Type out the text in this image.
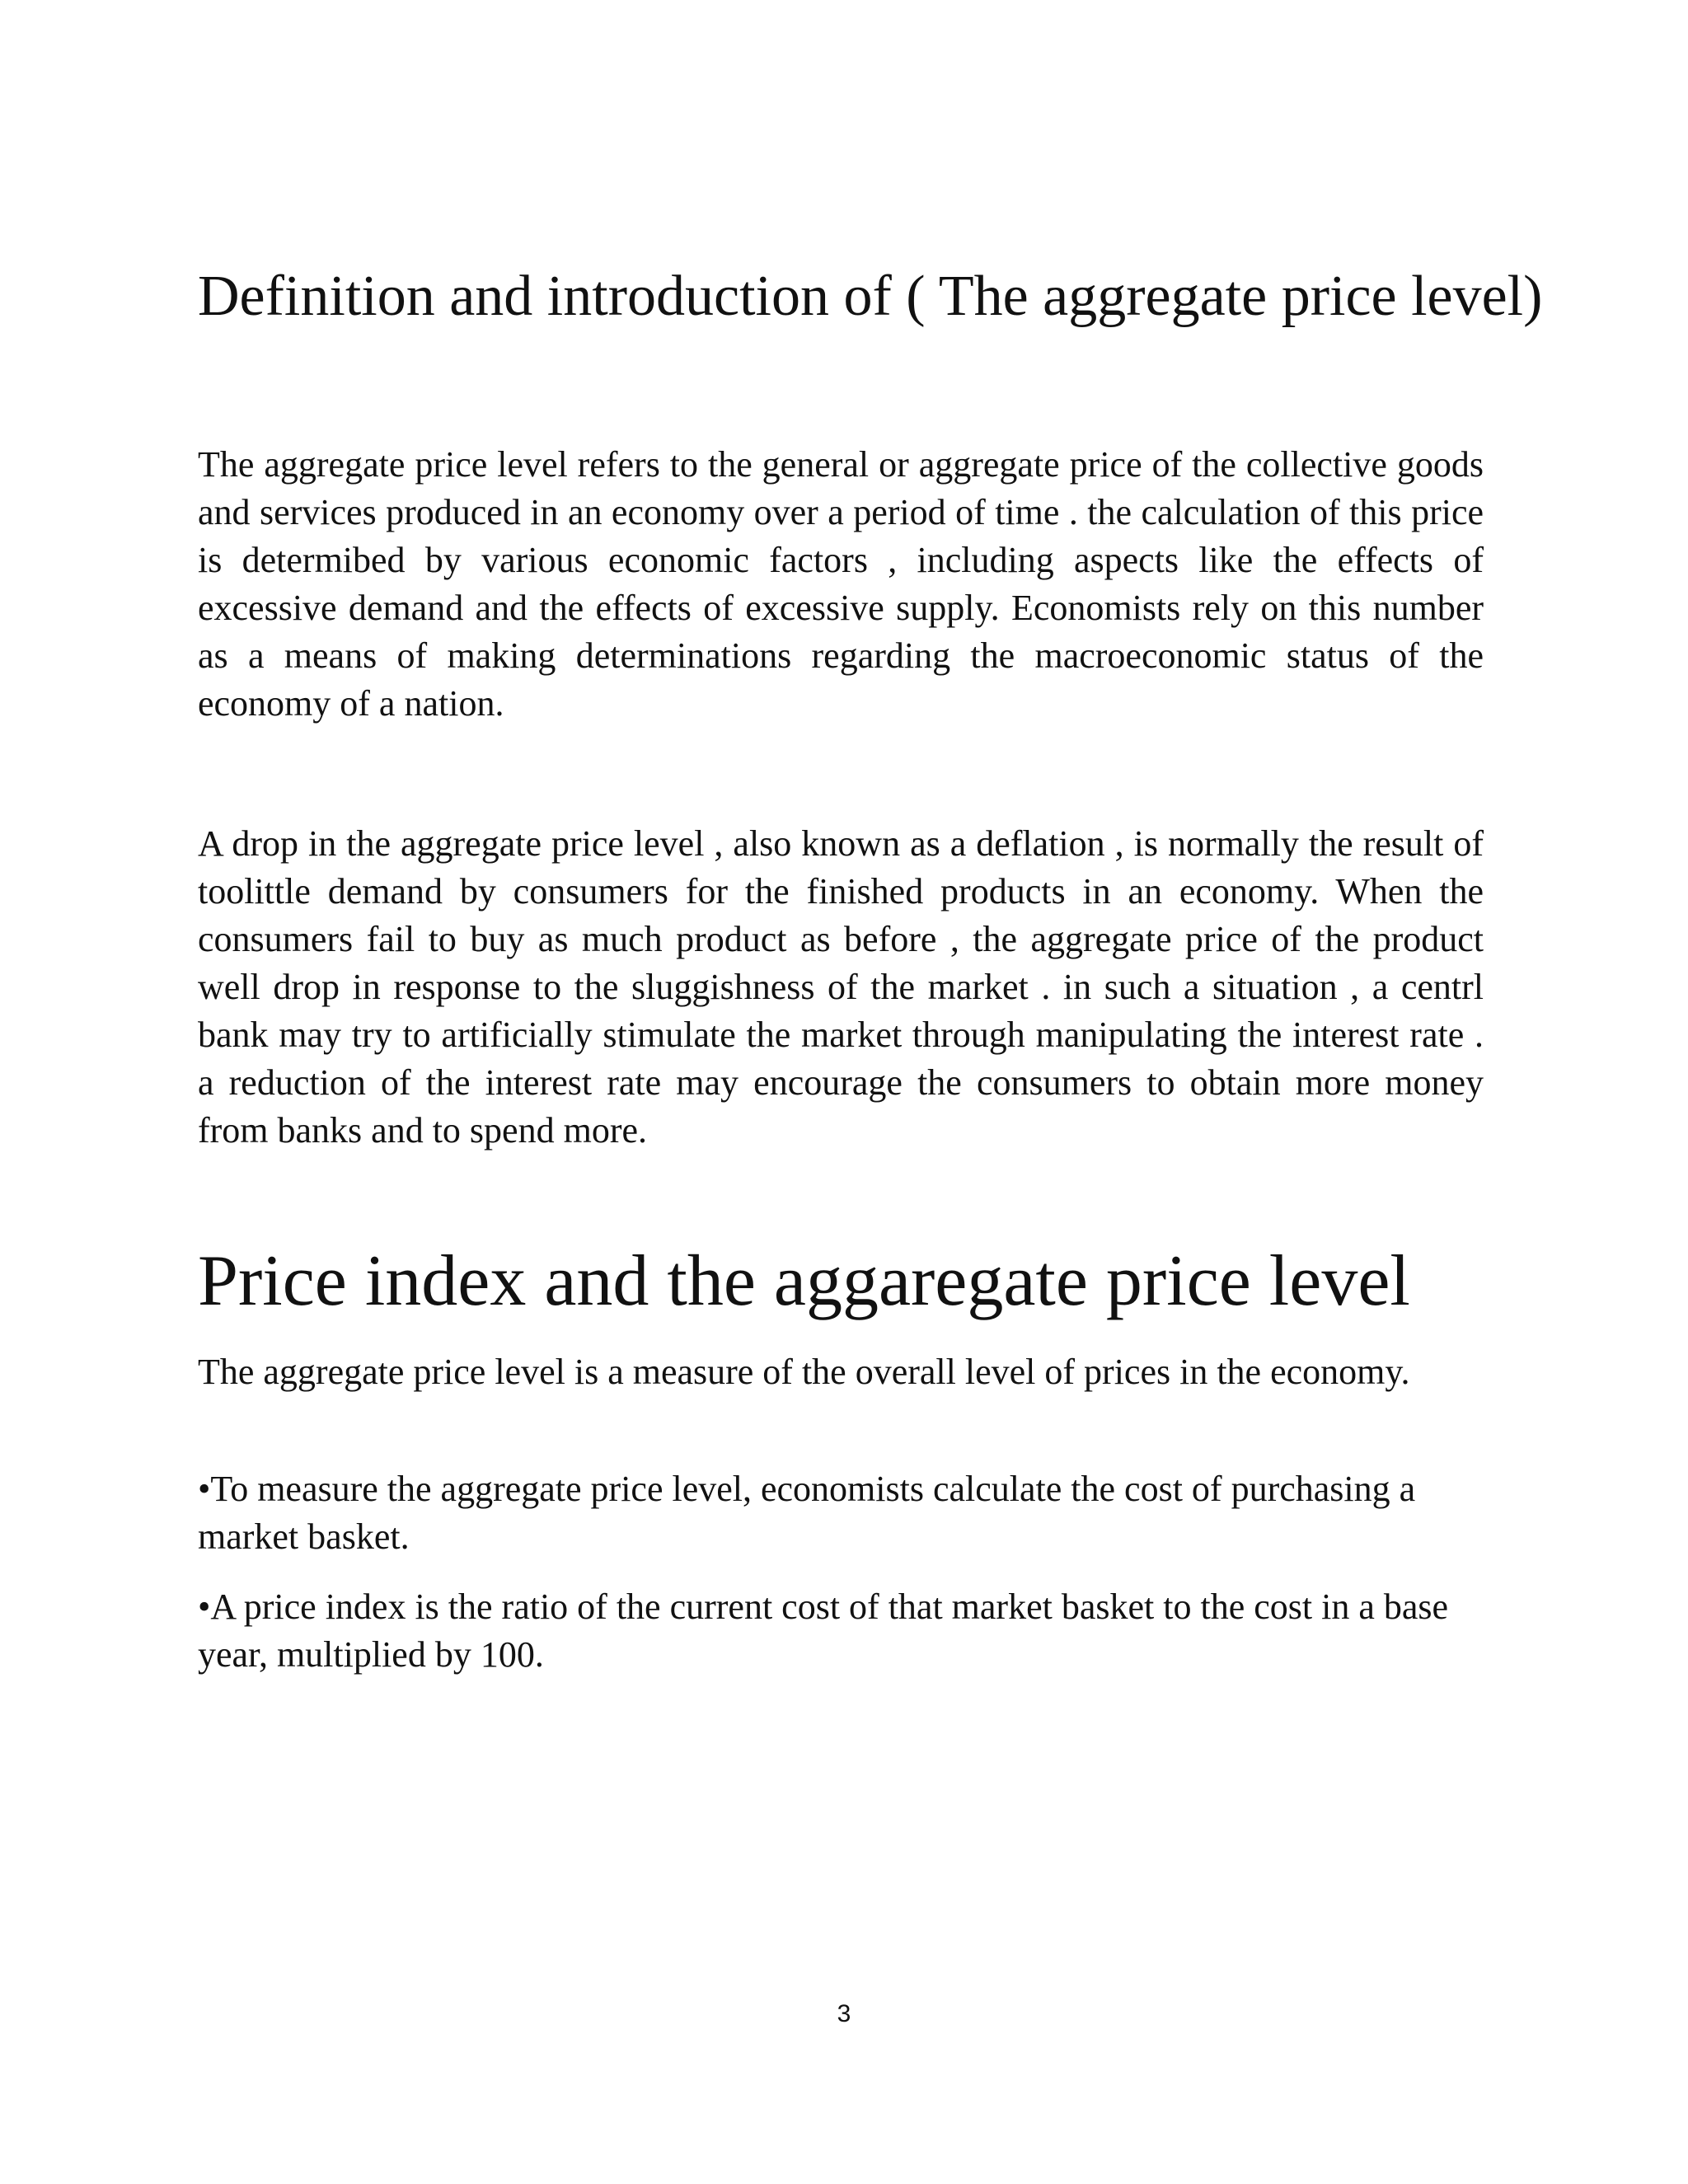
Definition and introduction of ( The aggregate price level)

The aggregate price level refers to the general or aggregate price of the collective goods and services produced in an economy over a period of time . the calculation of this price is determibed by various economic factors , including aspects like the effects of excessive demand and the effects of excessive supply. Economists rely on this number as a means of making determinations regarding the macroeconomic status of the economy of a nation.

A drop in the aggregate price level , also known as a deflation , is normally the result of toolittle demand by consumers for the finished products in an economy. When the consumers fail to buy as much product as before , the aggregate price of the product well drop in response to the sluggishness of the market . in such a situation , a centrl bank may try to artificially stimulate the market through manipulating the interest rate . a reduction of the interest rate may encourage the consumers to obtain more money from banks and to spend more.

Price index and the aggaregate price level

The aggregate price level is a measure of the overall level of prices in the economy.

•To measure the aggregate price level, economists calculate the cost of purchasing a market basket.

•A price index is the ratio of the current cost of that market basket to the cost in a base year, multiplied by 100.

3
